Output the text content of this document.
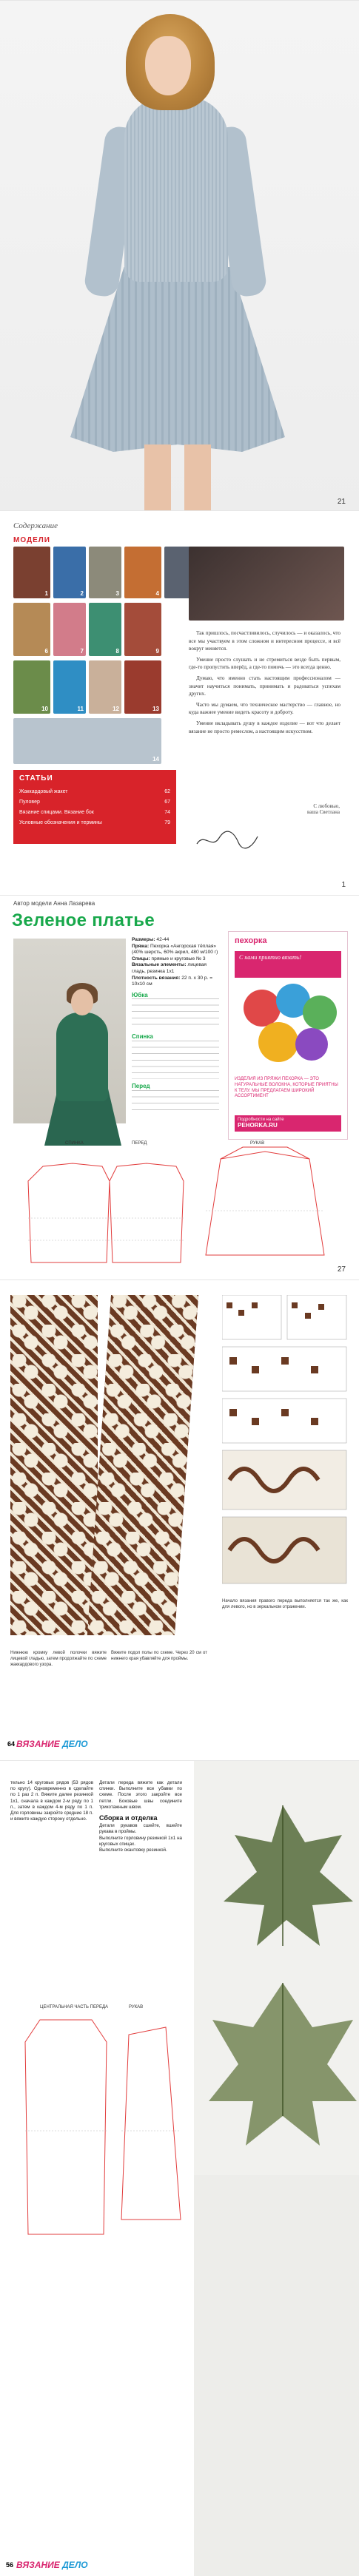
21
Содержание
МОДЕЛИ
1	2	3	4
6	7	8	9
10	11	12	13
14
СТАТЬИ
Жаккардовый жакет	62
Пуловер	67
Вязание спицами. Вязание бок	74
Условные обозначения и термины	79

Так пришлось, посчастливилось, случилось — и оказалось, что все мы участвуем в этом сложном и интересном процессе, и всё вокруг меняется.

Умение просто слушать и не стремиться везде быть первым, где-то пропустить вперёд, а где-то помочь — это всегда ценно.

Думаю, что именно стать настоящим профессионалом — значит научиться понимать, принимать и радоваться успехам других.

Часто мы думаем, что техническое мастерство — главное, но куда важнее умение видеть красоту и доброту.

Умение вкладывать душу в каждое изделие — вот что делает вязание не просто ремеслом, а настоящим искусством.

С любовью,
ваша Светлана
1
Автор модели Анна Лазарева
Зеленое платье
Размеры: 42-44
Пряжа: Пехорка «Ангорская тёплая» (40% шерсть, 60% акрил, 480 м/100 г)
Спицы: прямые и круговые № 3
Вязальные элементы: лицевая гладь, резинка 1х1
Плотность вязания: 22 п. х 30 р. = 10х10 см
Юбка
Спинка
Перед
пехорка
С нами приятно вязать!
ИЗДЕЛИЯ ИЗ ПРЯЖИ ПЕХОРКА — ЭТО НАТУРАЛЬНЫЕ ВОЛОКНА, КОТОРЫЕ ПРИЯТНЫ К ТЕЛУ. МЫ ПРЕДЛАГАЕМ ШИРОКИЙ АССОРТИМЕНТ
Подробности на сайте
PEHORKA.RU
СПИНКА	ПЕРЕД	РУКАВ
27
Нижнюю кромку левой полочки вяжите лицевой гладью, затем продолжайте по схеме жаккардового узора.
Вяжите подол полы по схеме. Через 20 см от нижнего края убавляйте для проймы.
Начало вязания правого переда выполняется так же, как для левого, но в зеркальном отражении.
64 ВЯЗАНИЕ ДЕЛО
тельно 14 круговых рядов (53 рядов по кругу). Одновременно в сделайте по 1 раз 2 п. Вяжите далее резинкой 1х1, сначала в каждом 2-м ряду по 1 п., затем в каждом 4-м ряду по 1 п. Для горловины закройте средние 18 п. и вяжите каждую сторону отдельно.
Детали переда вяжите как детали спинки. Выполните все убавки по схеме. После этого закройте все петли. Боковые швы соедините трикотажным швом.
Сборка и отделка
Детали рукавов сшейте, вшейте рукава в проймы.
Выполните горловину резинкой 1х1 на круговых спицах.
Выполните окантовку резинкой.
ЦЕНТРАЛЬНАЯ ЧАСТЬ ПЕРЕДА	РУКАВ
56 ВЯЗАНИЕ ДЕЛО
